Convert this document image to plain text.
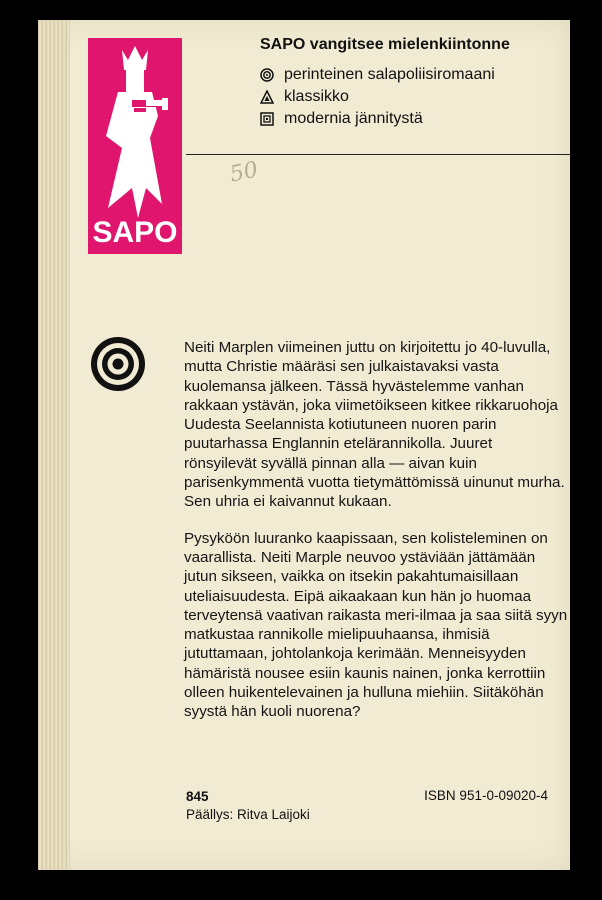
SAPO
SAPO vangitsee mielenkiintonne
perinteinen salapoliisiromaani
klassikko
modernia jännitystä
50

Neiti Marplen viimeinen juttu on kirjoitettu jo 40-luvulla, mutta Christie määräsi sen julkaistavaksi vasta kuolemansa jälkeen. Tässä hyvästelemme vanhan rakkaan ystävän, joka viimetöikseen kitkee rikkaruohoja Uudesta Seelannista kotiutuneen nuoren parin puutarhassa Englannin etelärannikolla. Juuret rönsyilevät syvällä pinnan alla — aivan kuin parisenkymmentä vuotta tietymättömissä uinunut murha. Sen uhria ei kaivannut kukaan.

Pysyköön luuranko kaapissaan, sen kolisteleminen on vaarallista. Neiti Marple neuvoo ystäviään jättämään jutun sikseen, vaikka on itsekin pakahtumaisillaan uteliaisuudesta. Eipä aikaakaan kun hän jo huomaa terveytensä vaativan raikasta meri-ilmaa ja saa siitä syyn matkustaa rannikolle mielipuuhaansa, ihmisiä jututtamaan, johtolankoja kerimään. Menneisyyden hämäristä nousee esiin kaunis nainen, jonka kerrottiin olleen huikentelevainen ja hulluna miehiin. Siitäköhän syystä hän kuoli nuorena?

845
Päällys: Ritva Laijoki
ISBN 951-0-09020-4
